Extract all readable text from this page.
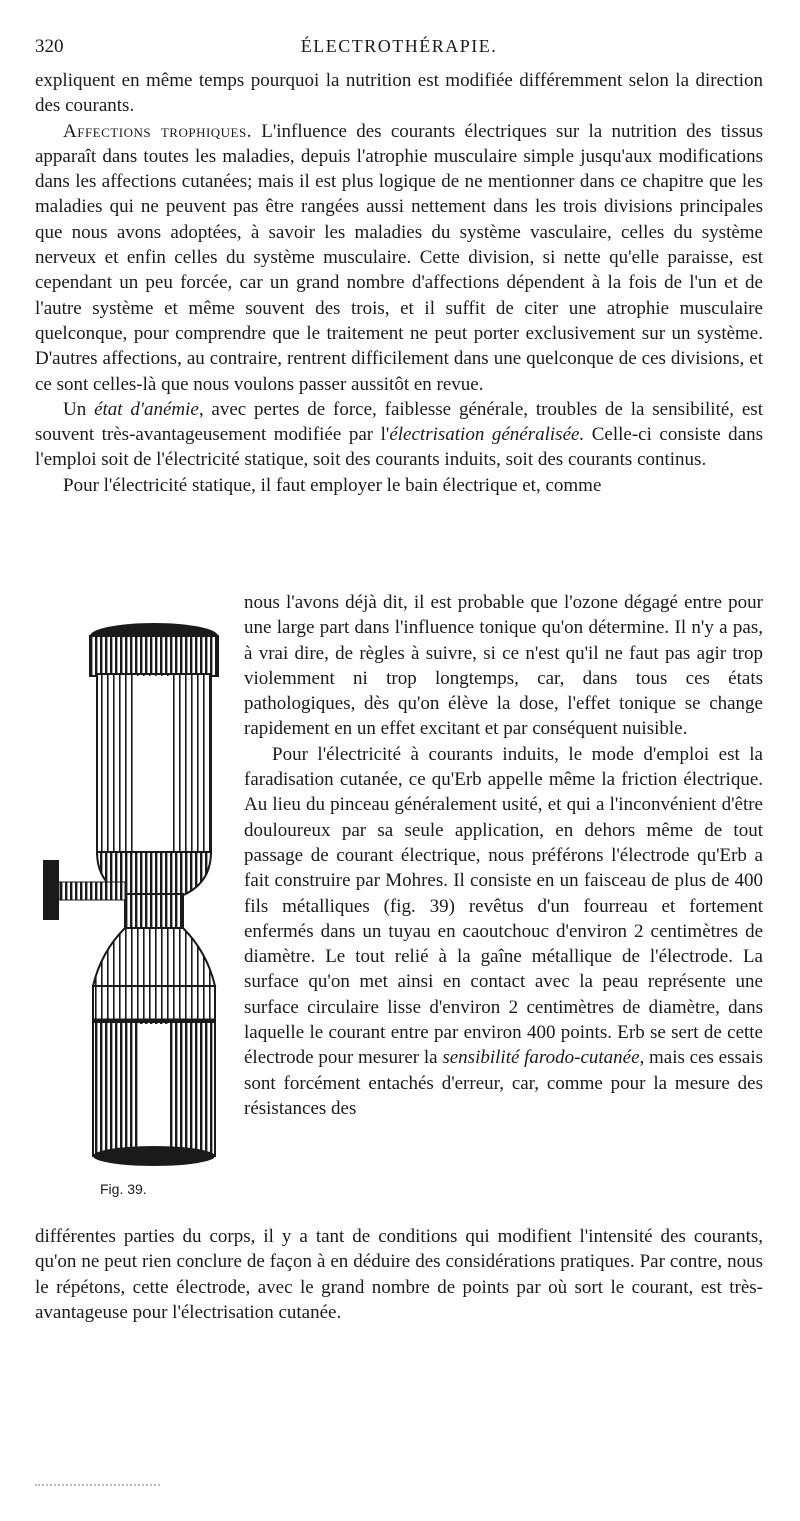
320	ÉLECTROTHÉRAPIE.

expliquent en même temps pourquoi la nutrition est modifiée différemment selon la direction des courants.

Affections trophiques. L'influence des courants électriques sur la nutrition des tissus apparaît dans toutes les maladies, depuis l'atrophie musculaire simple jusqu'aux modifications dans les affections cutanées; mais il est plus logique de ne mentionner dans ce chapitre que les maladies qui ne peuvent pas être rangées aussi nettement dans les trois divisions principales que nous avons adoptées, à savoir les maladies du système vasculaire, celles du système nerveux et enfin celles du système musculaire. Cette division, si nette qu'elle paraisse, est cependant un peu forcée, car un grand nombre d'affections dépendent à la fois de l'un et de l'autre système et même souvent des trois, et il suffit de citer une atrophie musculaire quelconque, pour comprendre que le traitement ne peut porter exclusivement sur un système. D'autres affections, au contraire, rentrent difficilement dans une quelconque de ces divisions, et ce sont celles-là que nous voulons passer aussitôt en revue.

Un état d'anémie, avec pertes de force, faiblesse générale, troubles de la sensibilité, est souvent très-avantageusement modifiée par l'électrisation généralisée. Celle-ci consiste dans l'emploi soit de l'électricité statique, soit des courants induits, soit des courants continus.

Pour l'électricité statique, il faut employer le bain électrique et, comme

Fig. 39.

nous l'avons déjà dit, il est probable que l'ozone dégagé entre pour une large part dans l'influence tonique qu'on détermine. Il n'y a pas, à vrai dire, de règles à suivre, si ce n'est qu'il ne faut pas agir trop violemment ni trop longtemps, car, dans tous ces états pathologiques, dès qu'on élève la dose, l'effet tonique se change rapidement en un effet excitant et par conséquent nuisible.

Pour l'électricité à courants induits, le mode d'emploi est la faradisation cutanée, ce qu'Erb appelle même la friction électrique. Au lieu du pinceau généralement usité, et qui a l'inconvénient d'être douloureux par sa seule application, en dehors même de tout passage de courant électrique, nous préférons l'électrode qu'Erb a fait construire par Mohres. Il consiste en un faisceau de plus de 400 fils métalliques (fig. 39) revêtus d'un fourreau et fortement enfermés dans un tuyau en caoutchouc d'environ 2 centimètres de diamètre. Le tout relié à la gaîne métallique de l'électrode. La surface qu'on met ainsi en contact avec la peau représente une surface circulaire lisse d'environ 2 centimètres de diamètre, dans laquelle le courant entre par environ 400 points. Erb se sert de cette électrode pour mesurer la sensibilité farodo-cutanée, mais ces essais sont forcément entachés d'erreur, car, comme pour la mesure des résistances des

différentes parties du corps, il y a tant de conditions qui modifient l'intensité des courants, qu'on ne peut rien conclure de façon à en déduire des considérations pratiques. Par contre, nous le répétons, cette électrode, avec le grand nombre de points par où sort le courant, est très-avantageuse pour l'électrisation cutanée.
